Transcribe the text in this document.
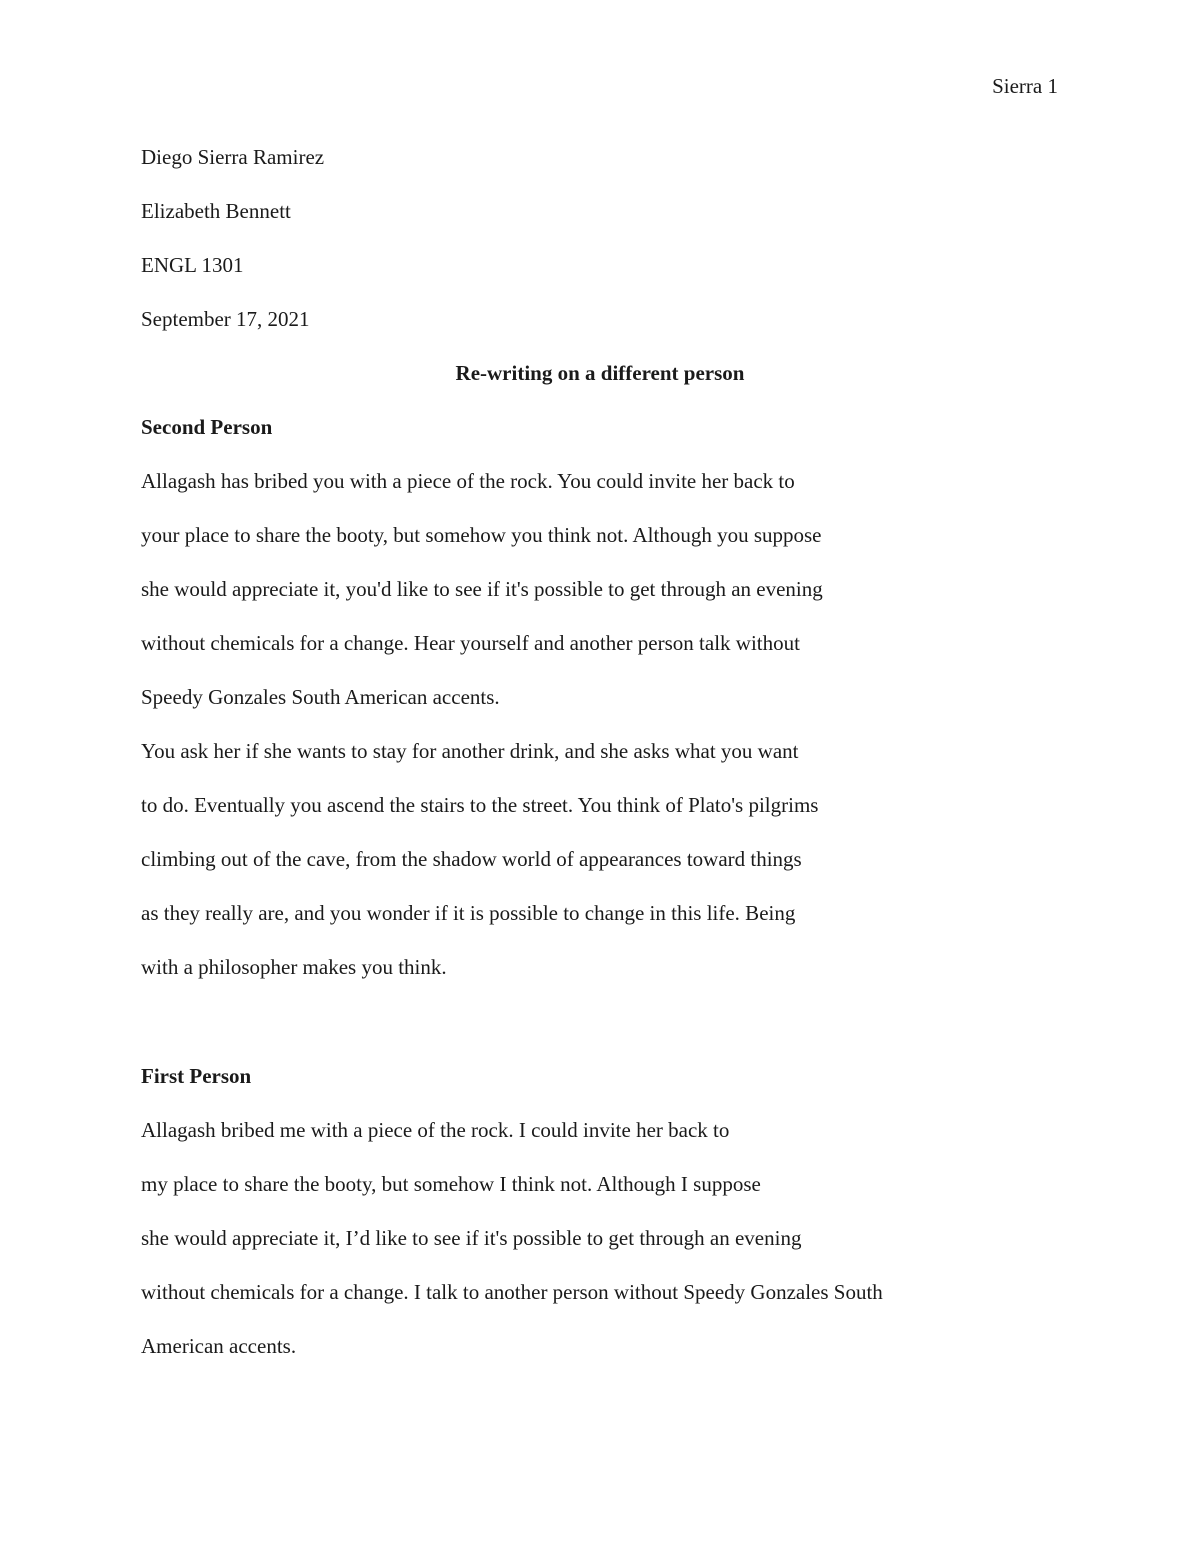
Sierra 1
Diego Sierra Ramirez
Elizabeth Bennett
ENGL 1301
September 17, 2021
Re-writing on a different person
Second Person
Allagash has bribed you with a piece of the rock. You could invite her back to
your place to share the booty, but somehow you think not. Although you suppose
she would appreciate it, you'd like to see if it's possible to get through an evening
without chemicals for a change. Hear yourself and another person talk without
Speedy Gonzales South American accents.
You ask her if she wants to stay for another drink, and she asks what you want
to do. Eventually you ascend the stairs to the street. You think of Plato's pilgrims
climbing out of the cave, from the shadow world of appearances toward things
as they really are, and you wonder if it is possible to change in this life. Being
with a philosopher makes you think.
First Person
Allagash bribed me with a piece of the rock. I could invite her back to
my place to share the booty, but somehow I think not. Although I suppose
she would appreciate it, I’d like to see if it's possible to get through an evening
without chemicals for a change. I talk to another person without Speedy Gonzales South
American accents.
